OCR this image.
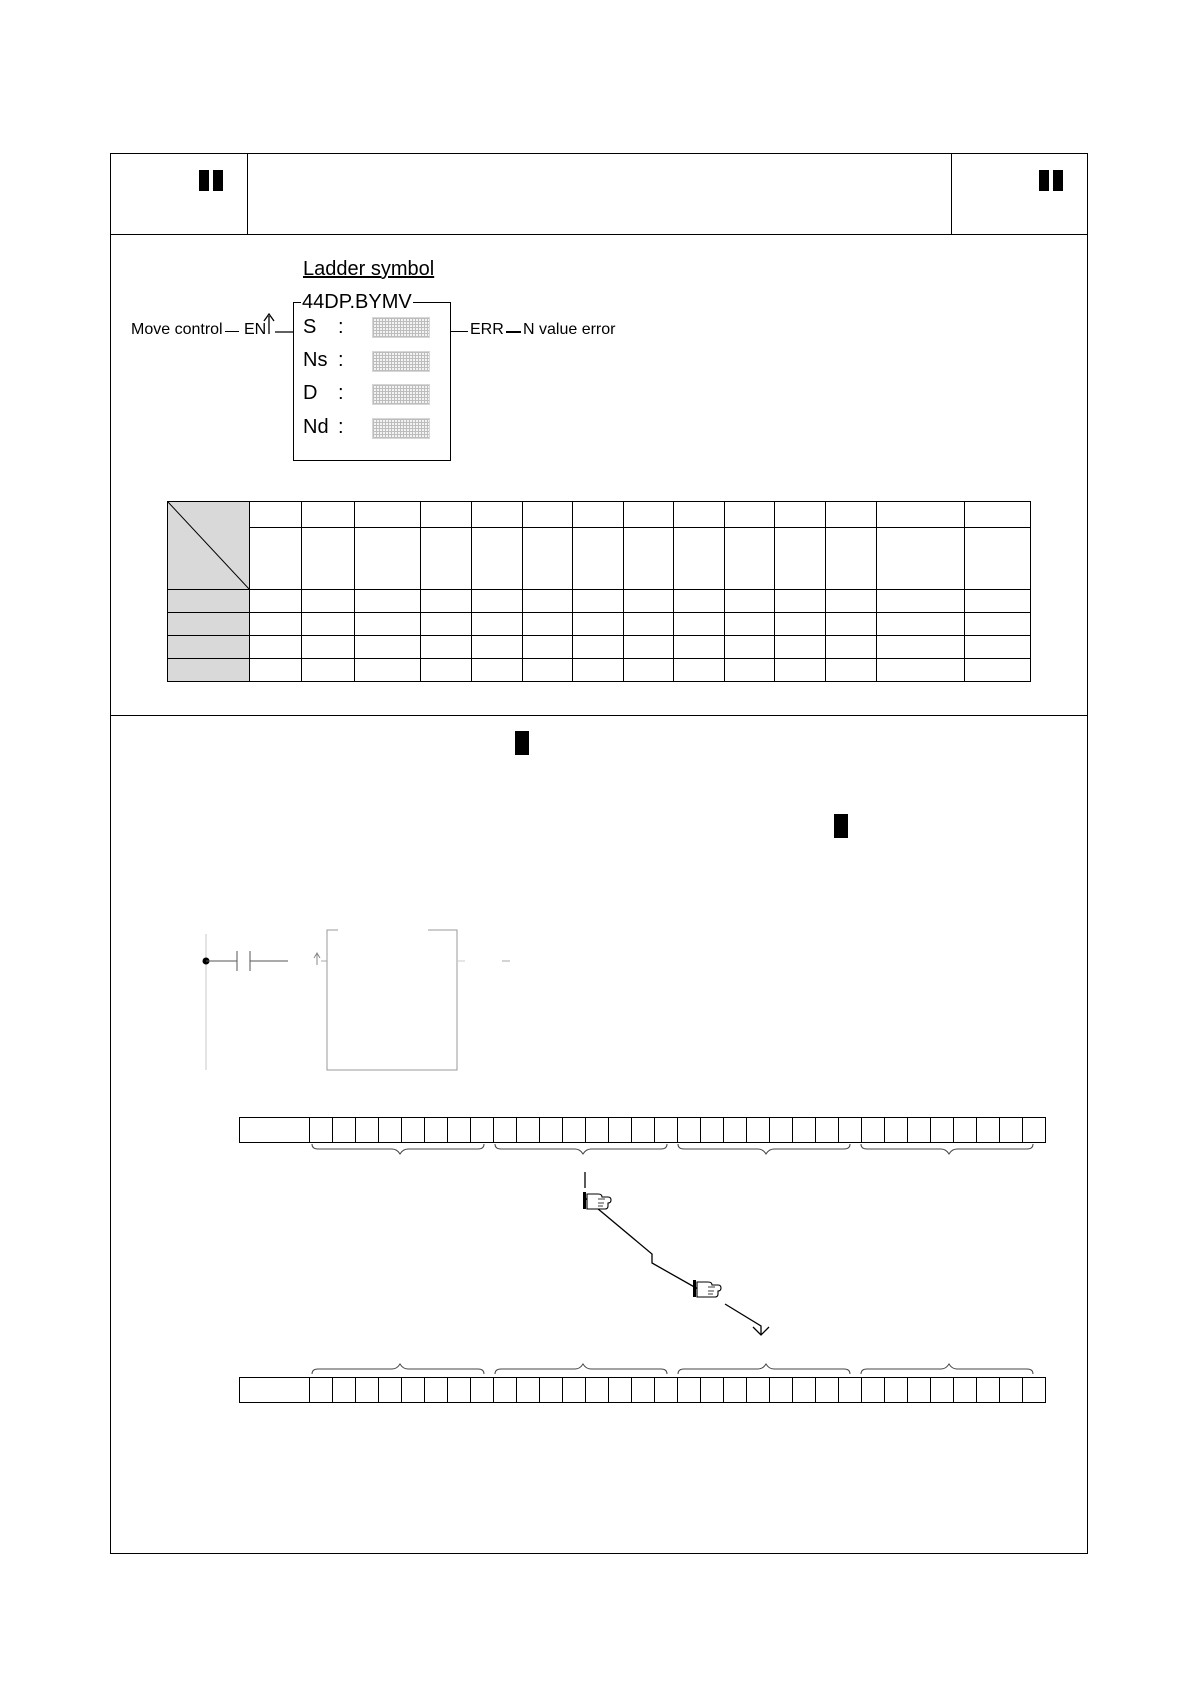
Ladder symbol
44DP.BYMV
Move control EN S
Ns
D
Nd
:
:
:
:
ERR N value error
